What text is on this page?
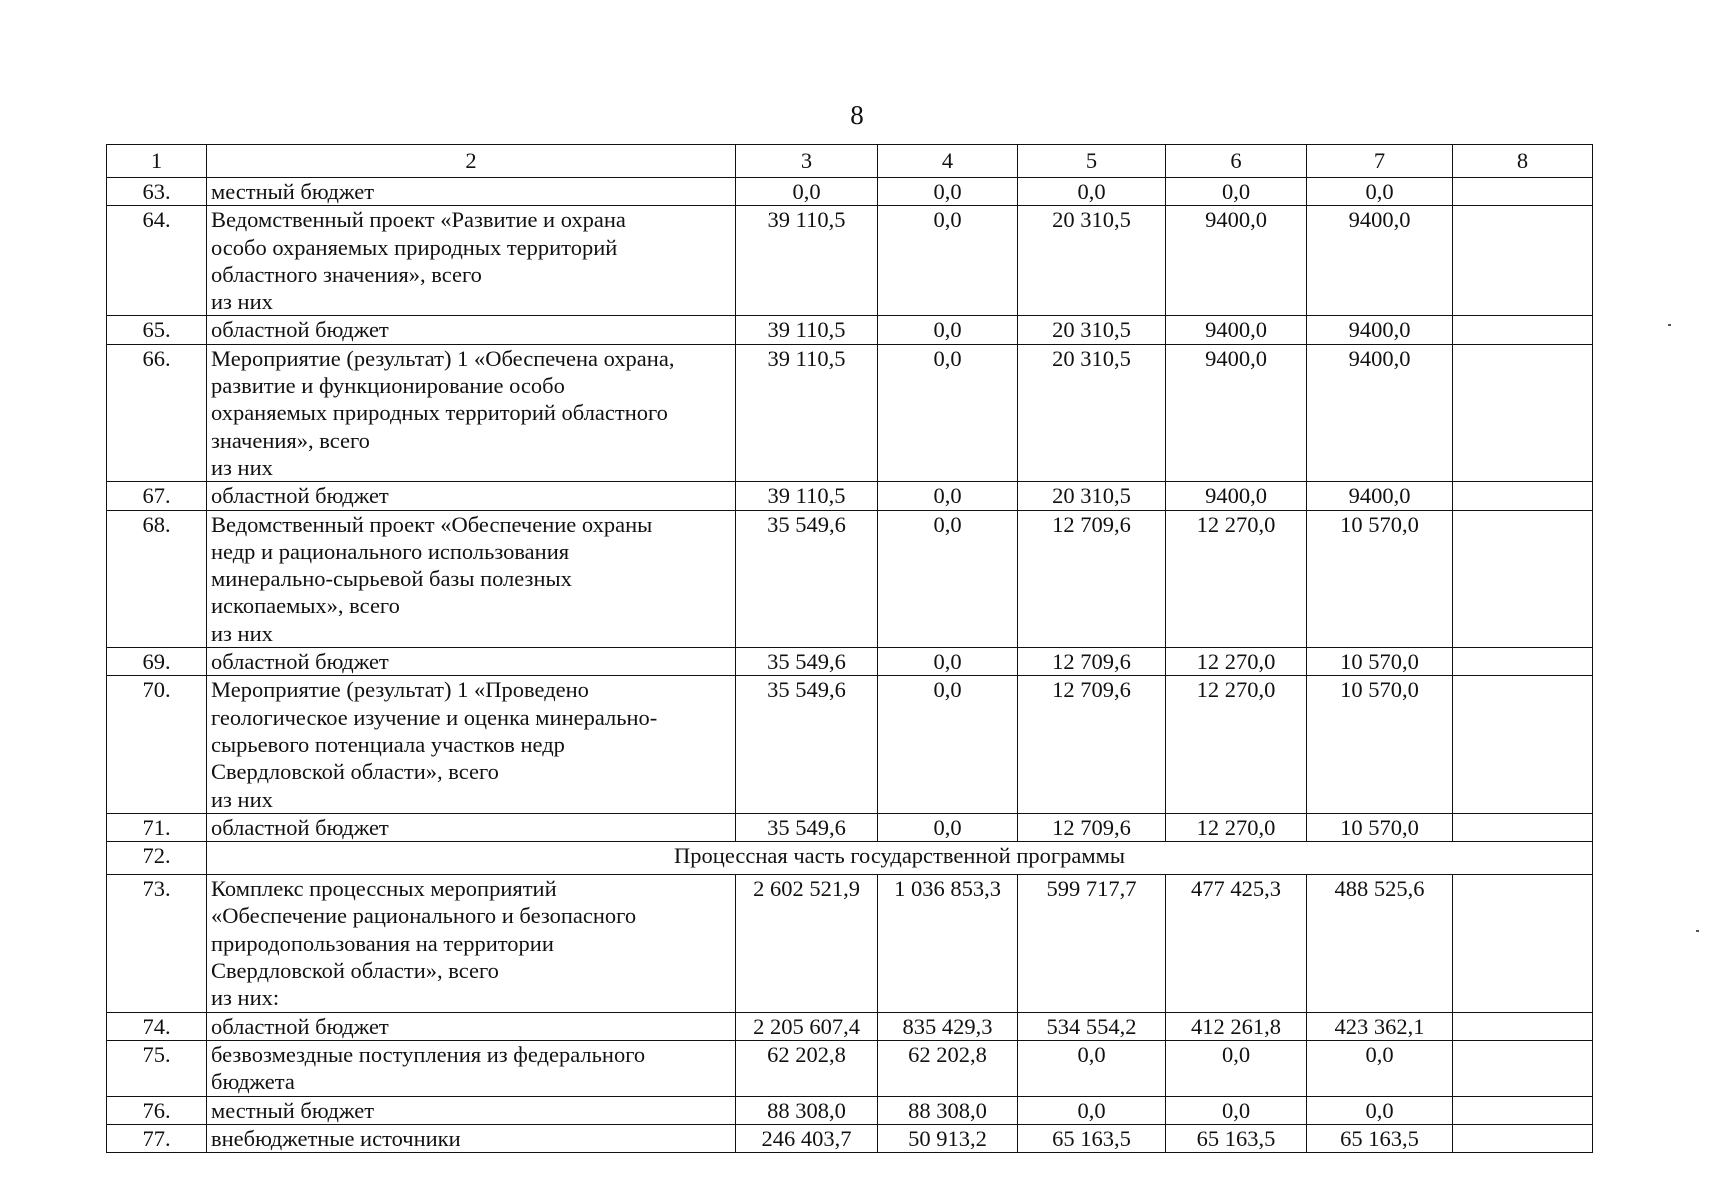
8
1	2	3	4	5	6	7	8
63.	местный бюджет	0,0	0,0	0,0	0,0	0,0	
64.	Ведомственный проект «Развитие и охрана
особо охраняемых природных территорий
областного значения», всего
из них	39 110,5	0,0	20 310,5	9400,0	9400,0	
65.	областной бюджет	39 110,5	0,0	20 310,5	9400,0	9400,0	
66.	Мероприятие (результат) 1 «Обеспечена охрана,
развитие и функционирование особо
охраняемых природных территорий областного
значения», всего
из них	39 110,5	0,0	20 310,5	9400,0	9400,0	
67.	областной бюджет	39 110,5	0,0	20 310,5	9400,0	9400,0	
68.	Ведомственный проект «Обеспечение охраны
недр и рационального использования
минерально-сырьевой базы полезных
ископаемых», всего
из них	35 549,6	0,0	12 709,6	12 270,0	10 570,0	
69.	областной бюджет	35 549,6	0,0	12 709,6	12 270,0	10 570,0	
70.	Мероприятие (результат) 1 «Проведено
геологическое изучение и оценка минерально-
сырьевого потенциала участков недр
Свердловской области», всего
из них	35 549,6	0,0	12 709,6	12 270,0	10 570,0	
71.	областной бюджет	35 549,6	0,0	12 709,6	12 270,0	10 570,0	
72.	Процессная часть государственной программы						
73.	Комплекс процессных мероприятий
«Обеспечение рационального и безопасного
природопользования на территории
Свердловской области», всего
из них:	2 602 521,9	1 036 853,3	599 717,7	477 425,3	488 525,6	
74.	областной бюджет	2 205 607,4	835 429,3	534 554,2	412 261,8	423 362,1	
75.	безвозмездные поступления из федерального
бюджета	62 202,8	62 202,8	0,0	0,0	0,0	
76.	местный бюджет	88 308,0	88 308,0	0,0	0,0	0,0	
77.	внебюджетные источники	246 403,7	50 913,2	65 163,5	65 163,5	65 163,5	
